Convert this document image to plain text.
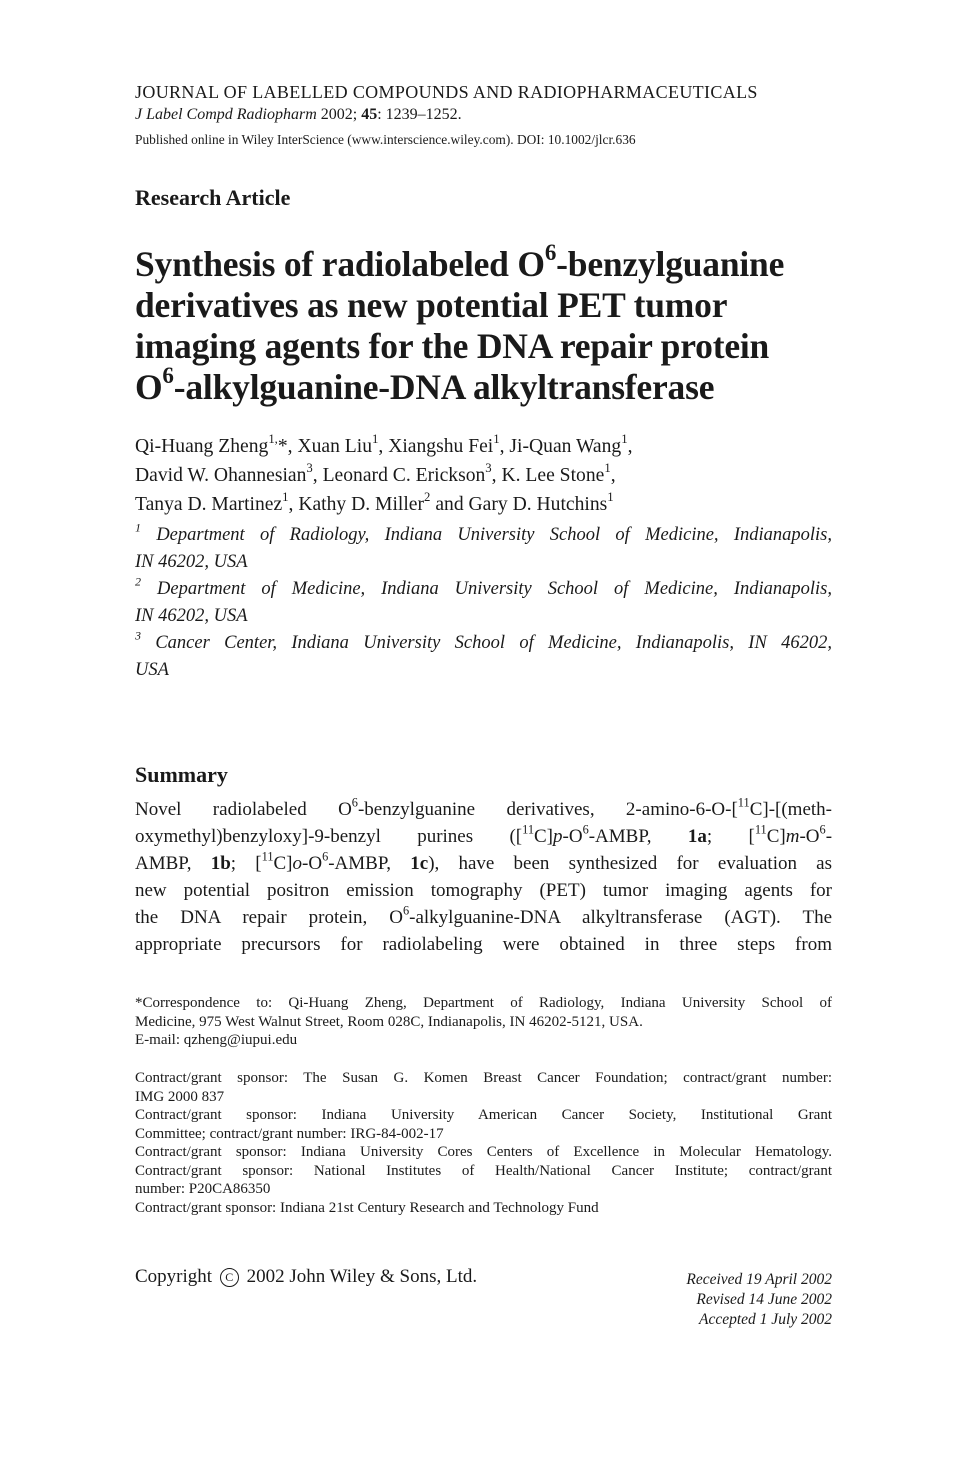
JOURNAL OF LABELLED COMPOUNDS AND RADIOPHARMACEUTICALS
J Label Compd Radiopharm 2002; 45: 1239–1252.
Published online in Wiley InterScience (www.interscience.wiley.com). DOI: 10.1002/jlcr.636
Research Article
Synthesis of radiolabeled $O^6$-benzylguanine
derivatives as new potential PET tumor
imaging agents for the DNA repair protein
$O^6-alkylguanine$-DNA alkyltransferase
Qi-Huang Zheng$^{1,}$*, Xuan Liu$^1$, Xiangshu Fei$^1$, Ji-Quan Wang$^1$,
David W. Ohannesian$^3$, Leonard C. Erickson$^3$, K. Lee Stone$^1$,
Tanya D. Martinez$^1$, Kathy D. Miller$^2$ and Gary D. Hutchins$^1$
$^1$ Department of Radiology, Indiana University School of Medicine, Indianapolis,
IN 46202, USA
$^2$ Department of Medicine, Indiana University School of Medicine, Indianapolis,
IN 46202, USA
$^3$ Cancer Center, Indiana University School of Medicine, Indianapolis, IN 46202,
USA
Summary
Novel radiolabeled $O^6$-benzylguanine derivatives, 2-amino-6-O-[$^{11}$C]-[(meth-
oxymethyl)benzyloxy]-9-benzyl purines ($[^{11}C]p-O^6$-AMBP, 1a; $[^{11}C]m-O^6-$
AMBP, 1b; $[^{11}C]o-O^6$-AMBP, 1c), have been synthesized for evaluation as
new potential positron emission tomography (PET) tumor imaging agents for
the DNA repair protein, $O^6-alkylguanine$-DNA alkyltransferase (AGT). The
appropriate precursors for radiolabeling were obtained in three steps from
*Correspondence to: Qi-Huang Zheng, Department of Radiology, Indiana University School of
Medicine, 975 West Walnut Street, Room 028C, Indianapolis, IN 46202-5121, USA.
E-mail: qzheng@iupui.edu
Contract/grant sponsor: The Susan G. Komen Breast Cancer Foundation; contract/grant number:
IMG 2000 837
Contract/grant sponsor: Indiana University American Cancer Society, Institutional Grant
Committee; contract/grant number: IRG-84-002-17
Contract/grant sponsor: Indiana University Cores Centers of Excellence in Molecular Hematology.
Contract/grant sponsor: National Institutes of Health/National Cancer Institute; contract/grant
number: P20CA86350
Contract/grant sponsor: Indiana 21st Century Research and Technology Fund
Copyright C 2002 John Wiley & Sons, Ltd.	Received 19 April 2002
Revised 14 June 2002
Accepted 1 July 2002
